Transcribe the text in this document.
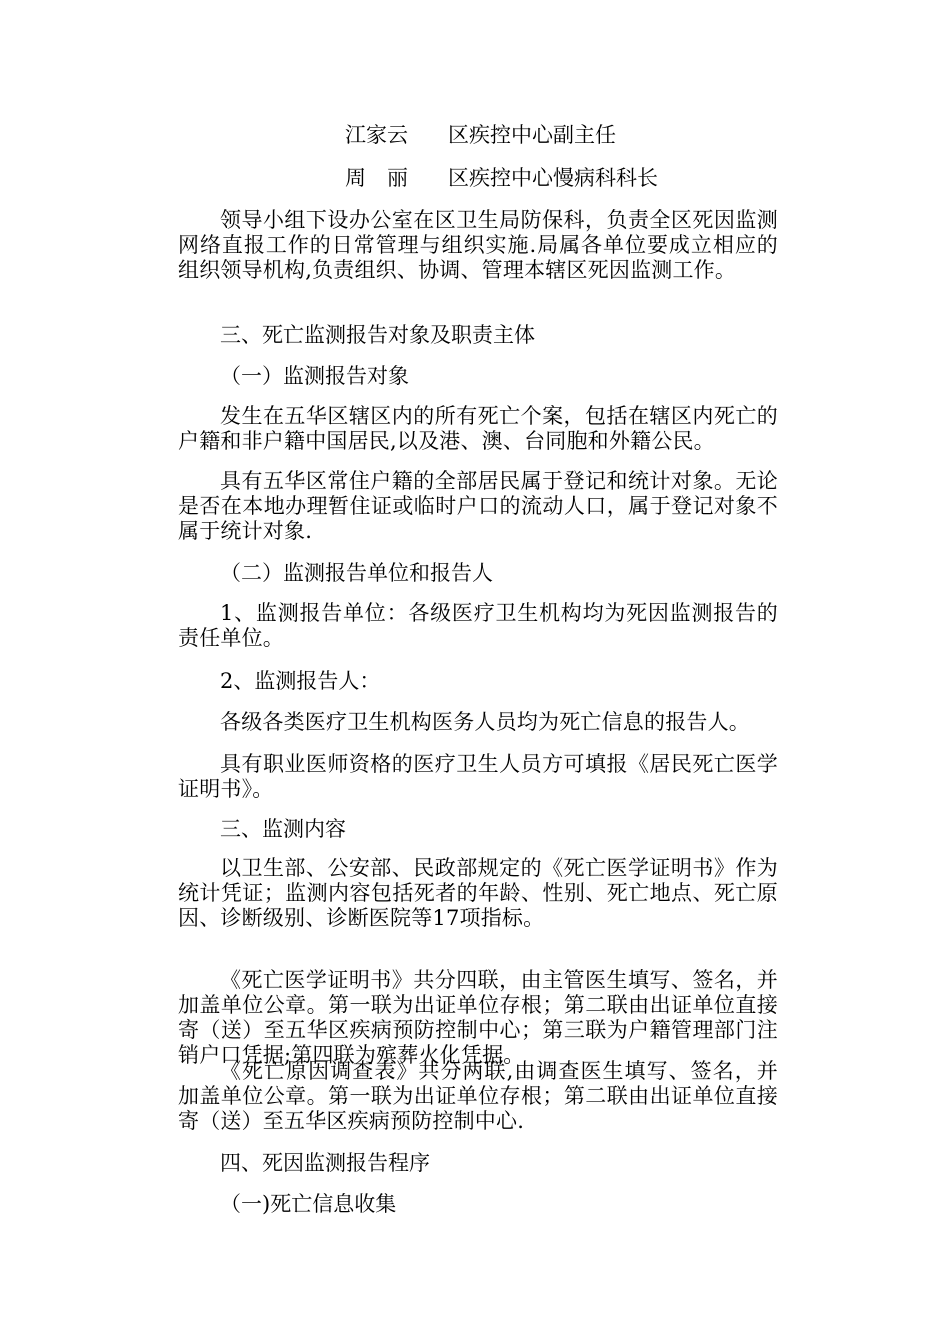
江家云 区疾控中心副主任
周　丽 区疾控中心慢病科科长

领导小组下设办公室在区卫生局防保科，负责全区死因监测网络直报工作的日常管理与组织实施.局属各单位要成立相应的组织领导机构,负责组织、协调、管理本辖区死因监测工作。

三、死亡监测报告对象及职责主体

（一）监测报告对象

发生在五华区辖区内的所有死亡个案，包括在辖区内死亡的户籍和非户籍中国居民,以及港、澳、台同胞和外籍公民。

具有五华区常住户籍的全部居民属于登记和统计对象。无论是否在本地办理暂住证或临时户口的流动人口，属于登记对象不属于统计对象.

（二）监测报告单位和报告人

1、监测报告单位：各级医疗卫生机构均为死因监测报告的责任单位。

2、监测报告人：

各级各类医疗卫生机构医务人员均为死亡信息的报告人。

具有职业医师资格的医疗卫生人员方可填报《居民死亡医学证明书》。

三、监测内容

以卫生部、公安部、民政部规定的《死亡医学证明书》作为统计凭证；监测内容包括死者的年龄、性别、死亡地点、死亡原因、诊断级别、诊断医院等17项指标。

《死亡医学证明书》共分四联，由主管医生填写、签名，并加盖单位公章。第一联为出证单位存根；第二联由出证单位直接寄（送）至五华区疾病预防控制中心；第三联为户籍管理部门注销户口凭据;第四联为殡葬火化凭据。

《死亡原因调查表》共分两联,由调查医生填写、签名，并加盖单位公章。第一联为出证单位存根；第二联由出证单位直接寄（送）至五华区疾病预防控制中心.

四、死因监测报告程序

（一)死亡信息收集
